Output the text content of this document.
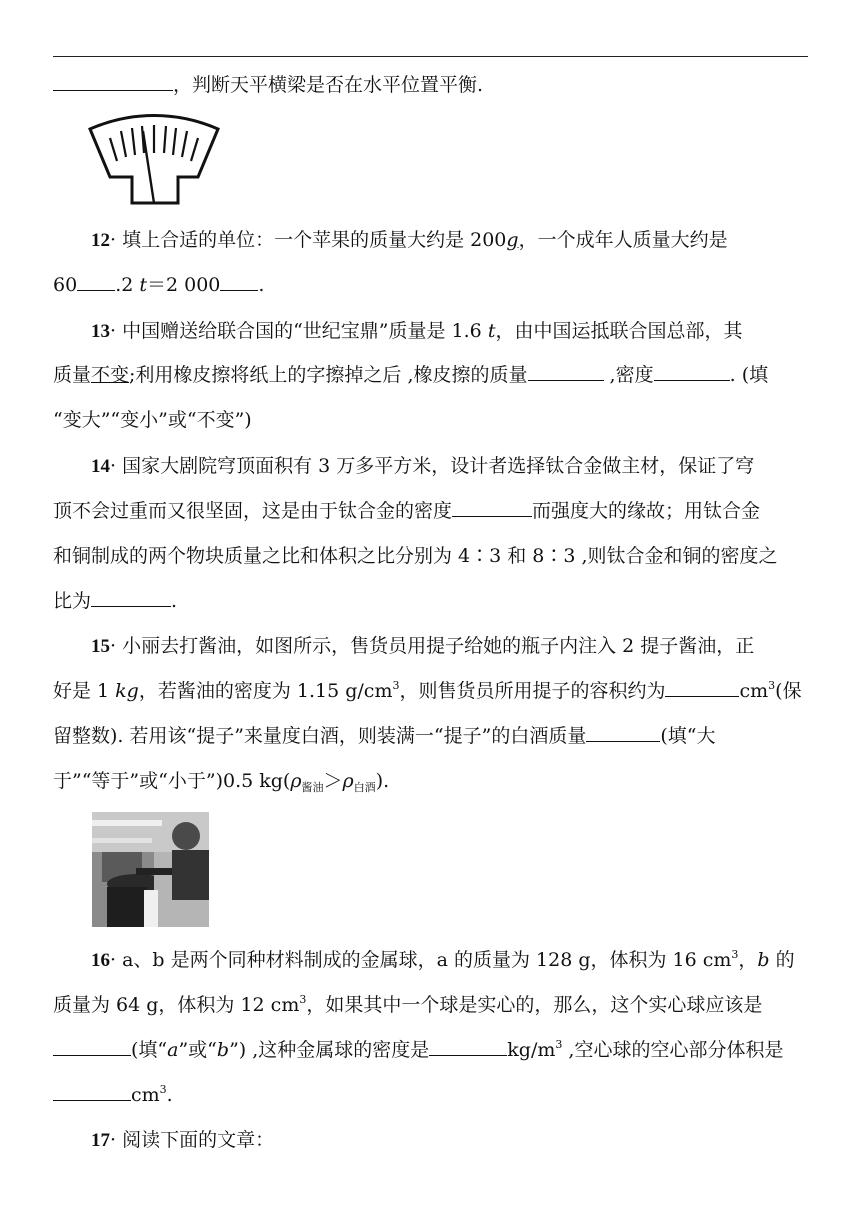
，判断天平横梁是否在水平位置平衡.
12· 填上合适的单位：一个苹果的质量大约是 200g，一个成年人质量大约是
60 .2 t＝2 000 .
13· 中国赠送给联合国的“世纪宝鼎”质量是 1.6 t，由中国运抵联合国总部，其
质量不变;利用橡皮擦将纸上的字擦掉之后 ,橡皮擦的质量	,密度	. (填
“变大”“变小”或“不变”)
14· 国家大剧院穹顶面积有 3 万多平方米，设计者选择钛合金做主材，保证了穹
顶不会过重而又很坚固，这是由于钛合金的密度	而强度大的缘故；用钛合金
和铜制成的两个物块质量之比和体积之比分别为 4∶3 和 8∶3 ,则钛合金和铜的密度之
比为	.
15· 小丽去打酱油，如图所示，售货员用提子给她的瓶子内注入 2 提子酱油，正
好是 1 kg，若酱油的密度为 1.15 $g/cm^3$，则售货员所用提子的容积约为	$cm^3$(保
留整数). 若用该“提子”来量度白酒，则装满一“提子”的白酒质量	(填“大
于”“等于”或“小于”)0.5 $kg(\rho_{酱油}>\rho_{白酒})$.
16· a、b 是两个同种材料制成的金属球，a 的质量为 128 g，体积为 16 $cm^3$，b 的
质量为 64 g，体积为 12 $cm^3$，如果其中一个球是实心的，那么，这个实心球应该是
(填“a”或“b”) ,这种金属球的密度是	$kg/m^3$ ,空心球的空心部分体积是
$cm^3$.
17· 阅读下面的文章：
